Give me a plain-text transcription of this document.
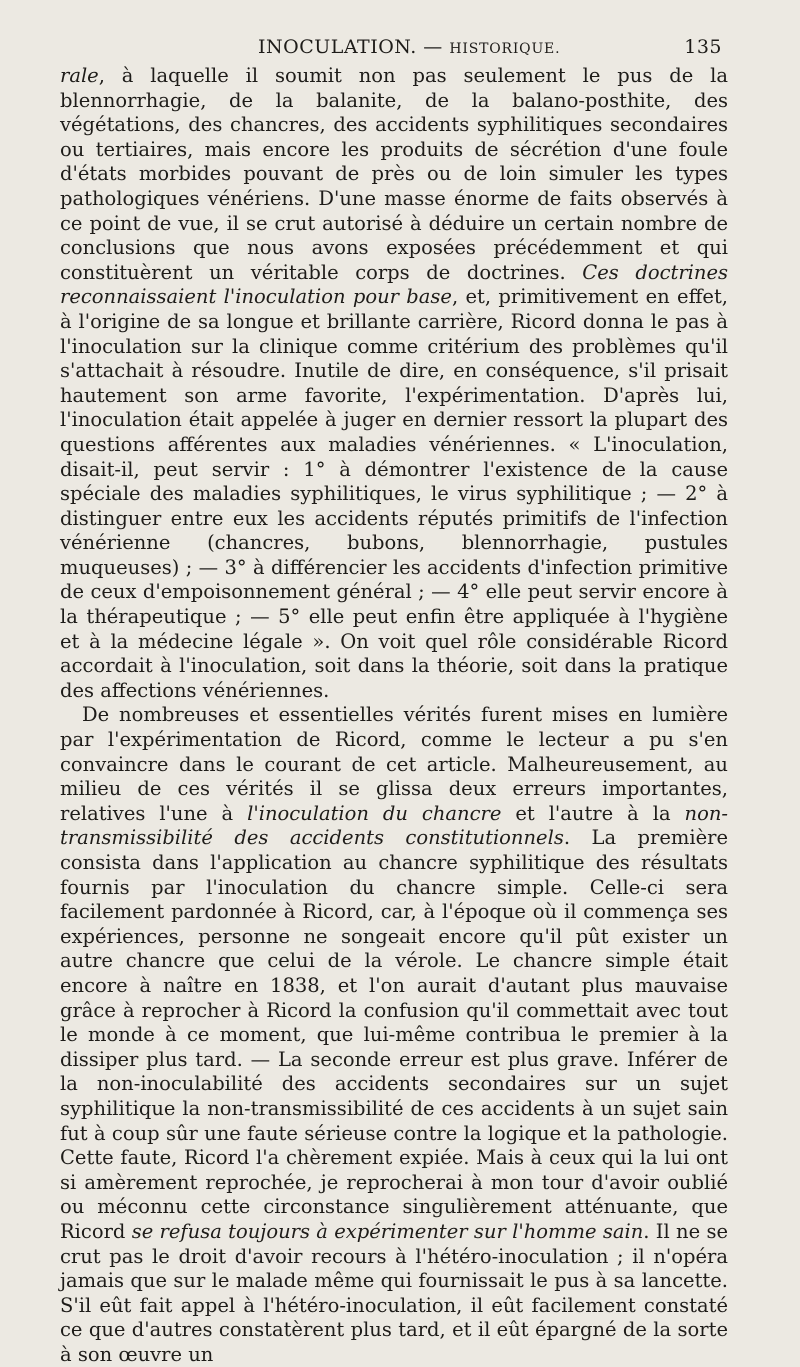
INOCULATION. — HISTORIQUE.	135

rale, à laquelle il soumit non pas seulement le pus de la blennorrhagie, de la balanite, de la balano-posthite, des végétations, des chancres, des accidents syphilitiques secondaires ou tertiaires, mais encore les produits de sécrétion d'une foule d'états morbides pouvant de près ou de loin simuler les types pathologiques vénériens. D'une masse énorme de faits observés à ce point de vue, il se crut autorisé à déduire un certain nombre de conclusions que nous avons exposées précédemment et qui constituèrent un véritable corps de doctrines. Ces doctrines reconnaissaient l'inoculation pour base, et, primitivement en effet, à l'origine de sa longue et brillante carrière, Ricord donna le pas à l'inoculation sur la clinique comme critérium des problèmes qu'il s'attachait à résoudre. Inutile de dire, en conséquence, s'il prisait hautement son arme favorite, l'expérimentation. D'après lui, l'inoculation était appelée à juger en dernier ressort la plupart des questions afférentes aux maladies vénériennes. « L'inoculation, disait-il, peut servir : 1° à démontrer l'existence de la cause spéciale des maladies syphilitiques, le virus syphilitique ; — 2° à distinguer entre eux les accidents réputés primitifs de l'infection vénérienne (chancres, bubons, blennorrhagie, pustules muqueuses) ; — 3° à différencier les accidents d'infection primitive de ceux d'empoisonnement général ; — 4° elle peut servir encore à la thérapeutique ; — 5° elle peut enfin être appliquée à l'hygiène et à la médecine légale ». On voit quel rôle considérable Ricord accordait à l'inoculation, soit dans la théorie, soit dans la pratique des affections vénériennes.

De nombreuses et essentielles vérités furent mises en lumière par l'expérimentation de Ricord, comme le lecteur a pu s'en convaincre dans le courant de cet article. Malheureusement, au milieu de ces vérités il se glissa deux erreurs importantes, relatives l'une à l'inoculation du chancre et l'autre à la non-transmissibilité des accidents constitutionnels. La première consista dans l'application au chancre syphilitique des résultats fournis par l'inoculation du chancre simple. Celle-ci sera facilement pardonnée à Ricord, car, à l'époque où il commença ses expériences, personne ne songeait encore qu'il pût exister un autre chancre que celui de la vérole. Le chancre simple était encore à naître en 1838, et l'on aurait d'autant plus mauvaise grâce à reprocher à Ricord la confusion qu'il commettait avec tout le monde à ce moment, que lui-même contribua le premier à la dissiper plus tard. — La seconde erreur est plus grave. Inférer de la non-inoculabilité des accidents secondaires sur un sujet syphilitique la non-transmissibilité de ces accidents à un sujet sain fut à coup sûr une faute sérieuse contre la logique et la pathologie. Cette faute, Ricord l'a chèrement expiée. Mais à ceux qui la lui ont si amèrement reprochée, je reprocherai à mon tour d'avoir oublié ou méconnu cette circonstance singulièrement atténuante, que Ricord se refusa toujours à expérimenter sur l'homme sain. Il ne se crut pas le droit d'avoir recours à l'hétéro-inoculation ; il n'opéra jamais que sur le malade même qui fournissait le pus à sa lancette. S'il eût fait appel à l'hétéro-inoculation, il eût facilement constaté ce que d'autres constatèrent plus tard, et il eût épargné de la sorte à son œuvre un
